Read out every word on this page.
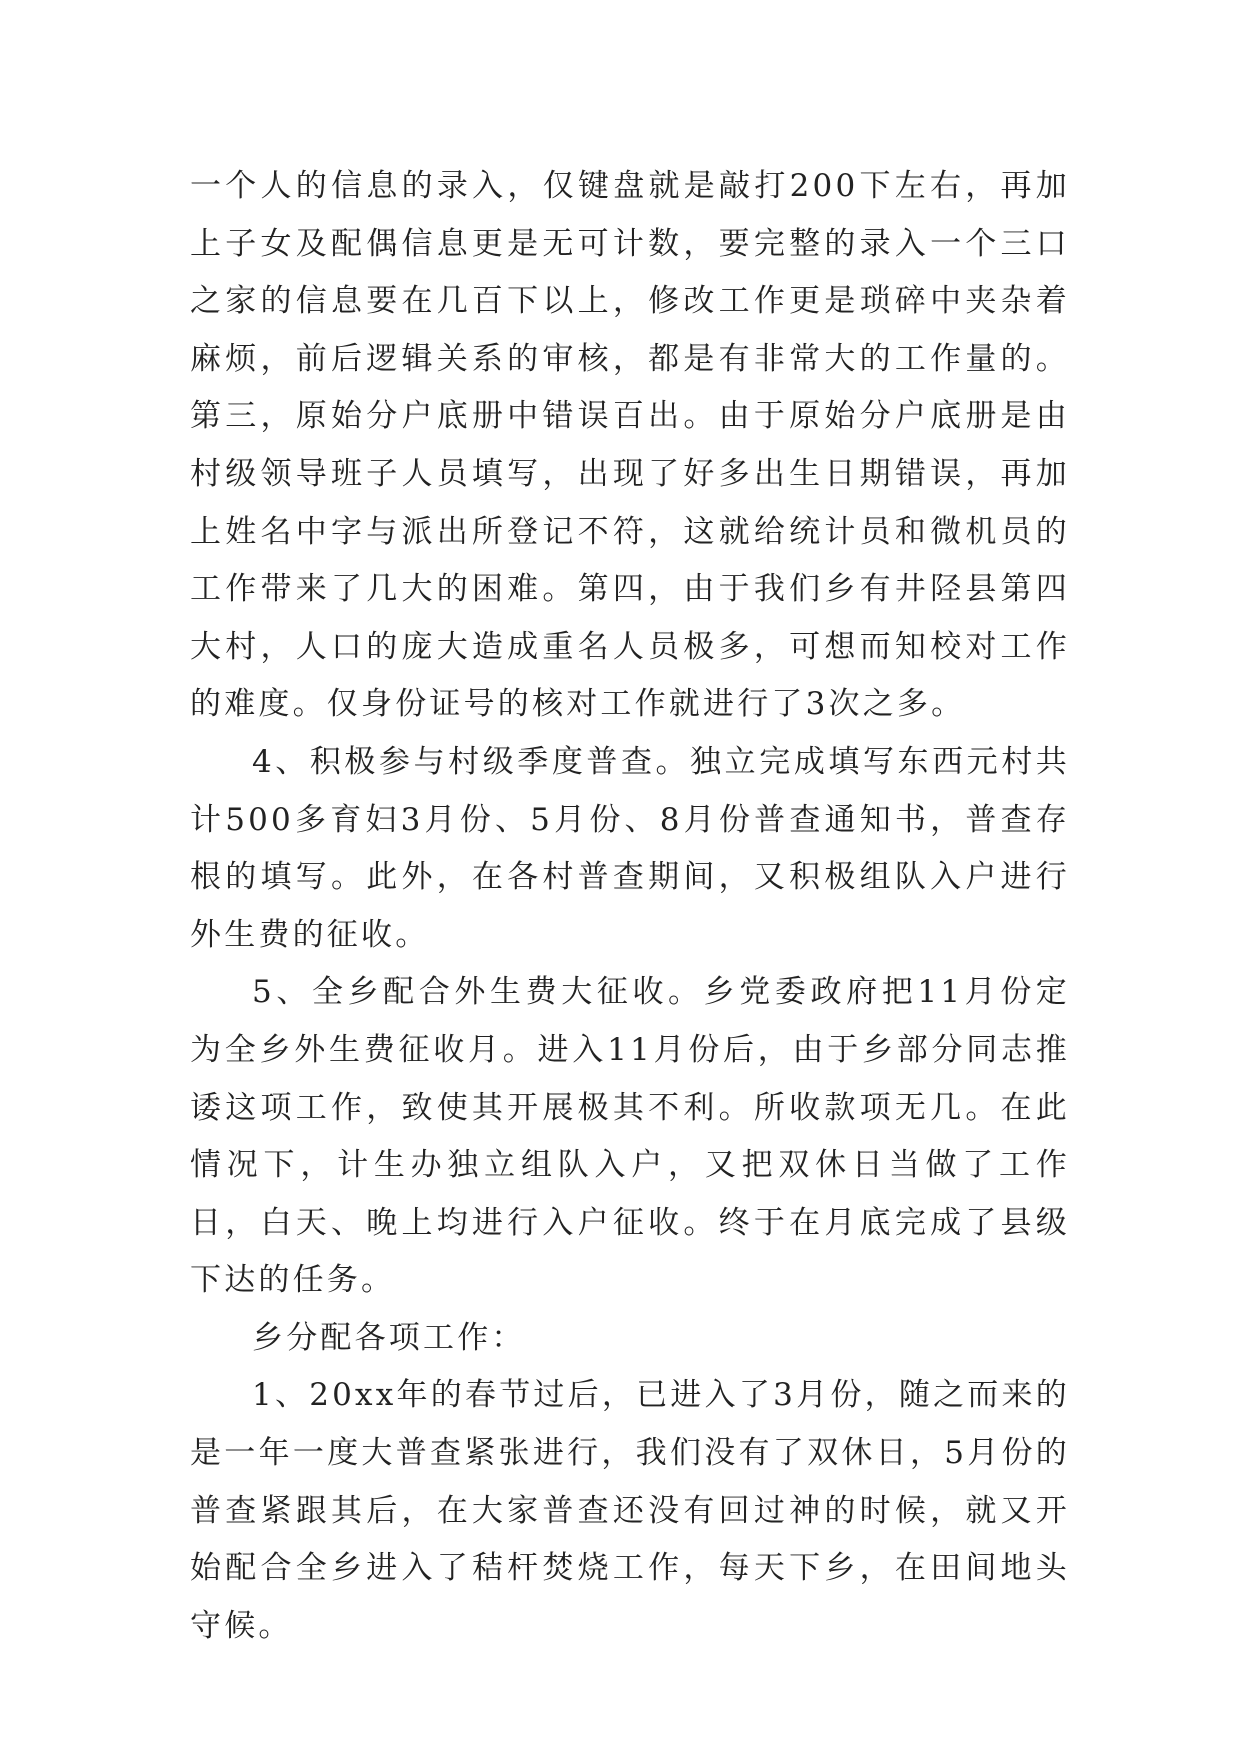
一个人的信息的录入，仅键盘就是敲打200下左右，再加上子女及配偶信息更是无可计数，要完整的录入一个三口之家的信息要在几百下以上，修改工作更是琐碎中夹杂着麻烦，前后逻辑关系的审核，都是有非常大的工作量的。第三，原始分户底册中错误百出。由于原始分户底册是由村级领导班子人员填写，出现了好多出生日期错误，再加上姓名中字与派出所登记不符，这就给统计员和微机员的工作带来了几大的困难。第四，由于我们乡有井陉县第四大村，人口的庞大造成重名人员极多，可想而知校对工作的难度。仅身份证号的核对工作就进行了3次之多。

4、积极参与村级季度普查。独立完成填写东西元村共计500多育妇3月份、5月份、8月份普查通知书，普查存根的填写。此外，在各村普查期间，又积极组队入户进行外生费的征收。

5、全乡配合外生费大征收。乡党委政府把11月份定为全乡外生费征收月。进入11月份后，由于乡部分同志推诿这项工作，致使其开展极其不利。所收款项无几。在此情况下，计生办独立组队入户，又把双休日当做了工作日，白天、晚上均进行入户征收。终于在月底完成了县级下达的任务。

乡分配各项工作：

1、20xx年的春节过后，已进入了3月份，随之而来的是一年一度大普查紧张进行，我们没有了双休日，5月份的普查紧跟其后，在大家普查还没有回过神的时候，就又开始配合全乡进入了秸杆焚烧工作，每天下乡，在田间地头守候。
